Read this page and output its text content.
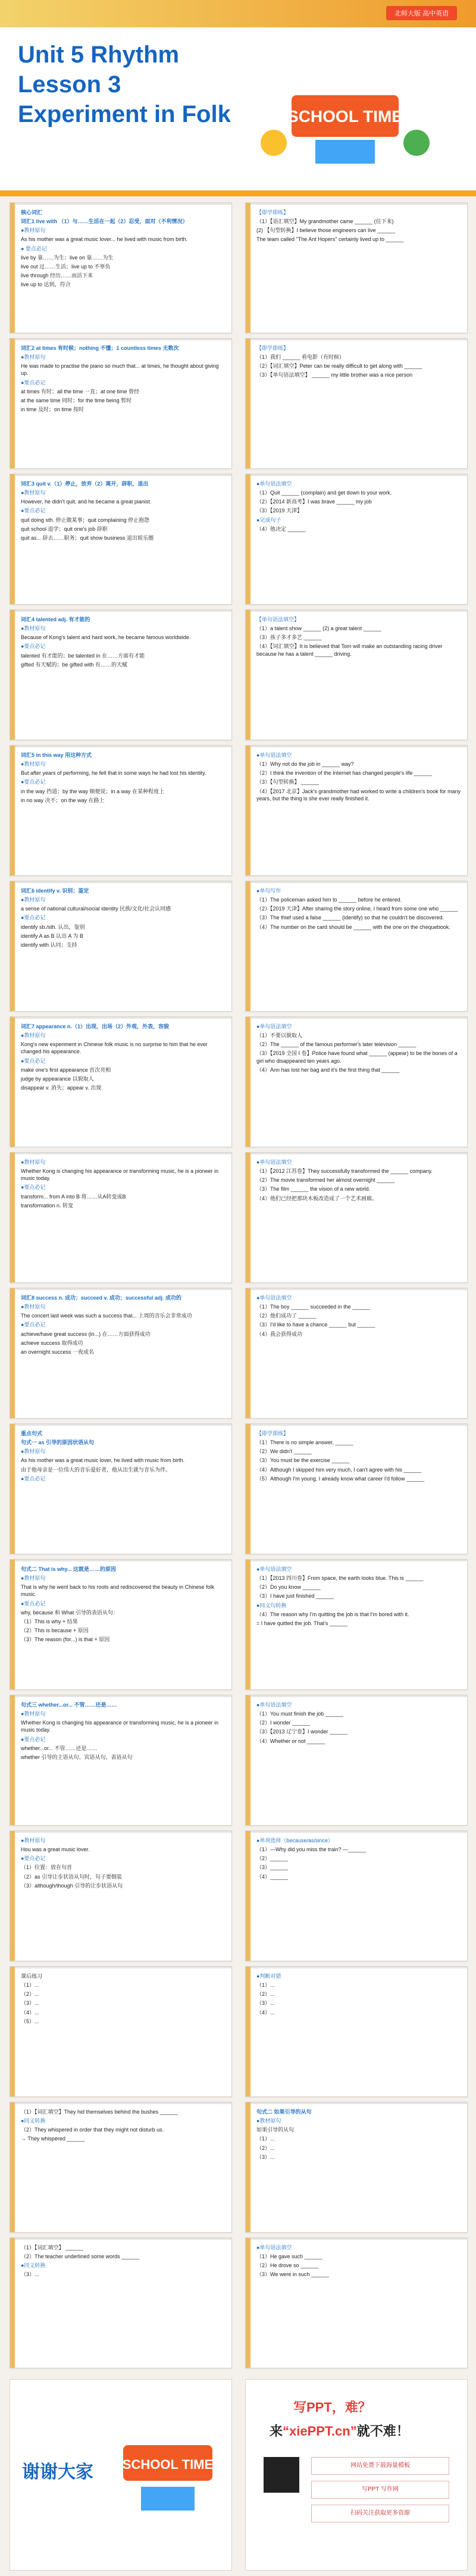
北师大版 高中英语
Unit 5 Rhythm
Lesson 3
Experiment in Folk	SCHOOL TIME

核心词汇

词汇1 live with （1）与……生活在一起（2）忍受，面对（不利情况）

●教材原句

As his mother was a great music lover... he lived with music from birth.

● 要点必记

live by 靠……为生；live on 靠……为生

live out 过……生活；live up to 不辜负

live through 经历……而活下来

live up to 达到，符合

【即学即练】

（1）【语汇填空】My grandmother came ______ (住下来)

(2) 【句型转换】I believe those engineers can live ______

The team called "The Ant Hopers" certainly lived up to ______

词汇2 at times 有时候；nothing 不懂；1 countless times 无数次

●教材原句

He was made to practise the piano so much that... at times, he thought about giving up.

●要点必记

at times 有时；all the time 一直；at one time 曾经

at the same time 同时；for the time being 暂时

in time 及时；on time 按时

【即学即练】

（1）我们 ______ 看电影（有时候）

（2）【词汇填空】Peter can be really difficult to get along with ______

（3）【单句语法填空】 ______ my little brother was a nice person

词汇3 quit v.（1）停止，放弃（2）离开，辞职，退出

●教材原句

However, he didn't quit, and he became a great pianist.

●要点必记

quit doing sth. 停止做某事；quit complaining 停止抱怨

quit school 退学；quit one's job 辞职

quit as... 辞去……职务；quit show business 退出娱乐圈

●单句语法填空

（1）Quit ______ (complain) and get down to your work.

（2）【2014 新高考】I was brave ______ my job

（3）【2019 天津】

●完成句子

（4）他决定 ______

词汇4 talented adj. 有才能的

●教材原句

Because of Kong's talent and hard work, he became famous worldwide.

●要点必记

talented 有才能的；be talented in 在……方面有才能

gifted 有天赋的；be gifted with 有……的天赋

【单句语法填空】

（1）a talent show ______ (2) a great talent ______

（3）孩子多才多艺 ______

（4）【词汇填空】It is believed that Tom will make an outstanding racing driver because he has a talent ______ driving.

词汇5 in this way 用这种方式

●教材原句

But after years of performing, he felt that in some ways he had lost his identity.

●要点必记

in the way 挡道；by the way 顺便说；in a way 在某种程度上

in no way 决不；on the way 在路上

●单句语法填空

（1）Why not do the job in ______ way?

（2）I think the invention of the Internet has changed people's life ______

（3）【句型转换】 ______

（4）【2017 北京】Jack's grandmother had worked to write a children's book for many years, but the thing is she ever really finished it.

词汇6 identify v. 识别；鉴定

●教材原句

a sense of national cultural/social identity 民族/文化/社会认同感

●要点必记

identify sb./sth. 认出，鉴别

identify A as B 认出 A 为 B

identify with 认同；支持

●单句写作

（1）The policeman asked him to ______ before he entered.

（2）【2019 天津】After sharing the story online, I heard from some one who ______

（3）The thief used a false ______ (identify) so that he couldn't be discovered.

（4）The number on the card should be ______ with the one on the chequebook.

词汇7 appearance n.（1）出现，出场（2）外观，外表，容貌

●教材原句

Kong's new experiment in Chinese folk music is no surprise to him that he ever changed his appearance.

●要点必记

make one's first appearance 首次亮相

judge by appearance 以貌取人

disappear v. 消失；appear v. 出现

●单句语法填空

（1）不要以貌取人

（2）The ______ of the famous performer's later television ______

（3）【2019 全国 I 卷】Police have found what ______ (appear) to be the bones of a girl who disappeared ten years ago.

（4）Ann has lost her bag and it's the first thing that ______

●教材原句

Whether Kong is changing his appearance or transforming music, he is a pioneer in music today.

●要点必记

transform... from A into B 将……从A转变成B

transformation n. 转变

●单句语法填空

（1）【2012 江苏卷】They successfully transformed the ______ company.

（2）The movie transformed her almost overnight ______

（3）The film ______ the vision of a new world.

（4）他们已经把那块木板改造成了一个艺术画廊。

词汇8 success n. 成功；succeed v. 成功；successful adj. 成功的

●教材原句

The concert last week was such a success that... 上周的音乐会非常成功

●要点必记

achieve/have great success (in...) 在……方面获得成功

achieve success 取得成功

an overnight success 一夜成名

●单句语法填空

（1）The boy ______ succeeded in the ______

（2）他们成功了 ______

（3）I'd like to have a chance ______ but ______

（4）我会获得成功

重点句式

句式一 as 引导的原因状语从句

●教材原句

As his mother was a great music lover, he lived with music from birth.

由于他母亲是一位伟大的音乐爱好者，他从出生就与音乐为伴。

●要点必记

【即学即练】

（1）There is no simple answer, ______

（2）We didn't ______

（3）You must be the exercise ______

（4）Although I skipped him very much, I can't agree with his ______

（5）Although I'm young, I already know what career I'd follow ______

句式二 That is why... 这就是……的原因

●教材原句

That is why he went back to his roots and rediscovered the beauty in Chinese folk music.

●要点必记

why, because 和 What 引导的表语从句：

（1）This is why + 结果

（2）This is because + 原因

（3）The reason (for...) is that + 原因

●单句语法填空

（1）【2013 四川卷】From space, the earth looks blue. This is ______

（2）Do you know ______

（3）I have just finished ______

●同义句转换

（4）The reason why I'm quitting the job is that I'm bored with it.

= I have quitted the job. That's ______

句式三 whether...or... 不管……还是……

●教材原句

Whether Kong is changing his appearance or transforming music, he is a pioneer in music today.

●要点必记

whether...or... 不管……还是……

whether 引导的主语从句、宾语从句、表语从句

●单句语法填空

（1）You must finish the job ______

（2）I wonder ______

（3）【2013 辽宁卷】I wonder ______

（4）Whether or not ______

●教材原句

Hou was a great music lover.

●要点必记

（1）位置：放在句首

（2）as 引导让步状语从句时，句子要倒装

（3）although/though 引导的让步状语从句

●单项选择（because/as/since）

（1）—Why did you miss the train? —______

（2）______

（3）______

（4）______

课后练习

（1）...

（2）...

（3）...

（4）...

（5）...

●判断对错

（1）...

（2）...

（3）...

（4）...

（1）【词汇填空】They hid themselves behind the bushes ______

●同义转换

（2）They whispered in order that they might not disturb us.

→ They whispered ______

句式二 如果引导的从句

●教材原句

如果引导的从句

（1）...

（2）...

（3）...

（1）【词汇填空】 ______

（2）The teacher underlined some words ______

●同义转换

（3）...

●单句语法填空

（1）He gave such ______

（2）He drove so ______

（3）We were in such ______

谢谢大家 SCHOOL TIME
写PPT，难？
来“xiePPT.cn”就不难！
网站免费下载海量模板
写PPT 写作网
扫码关注获取更多资源
